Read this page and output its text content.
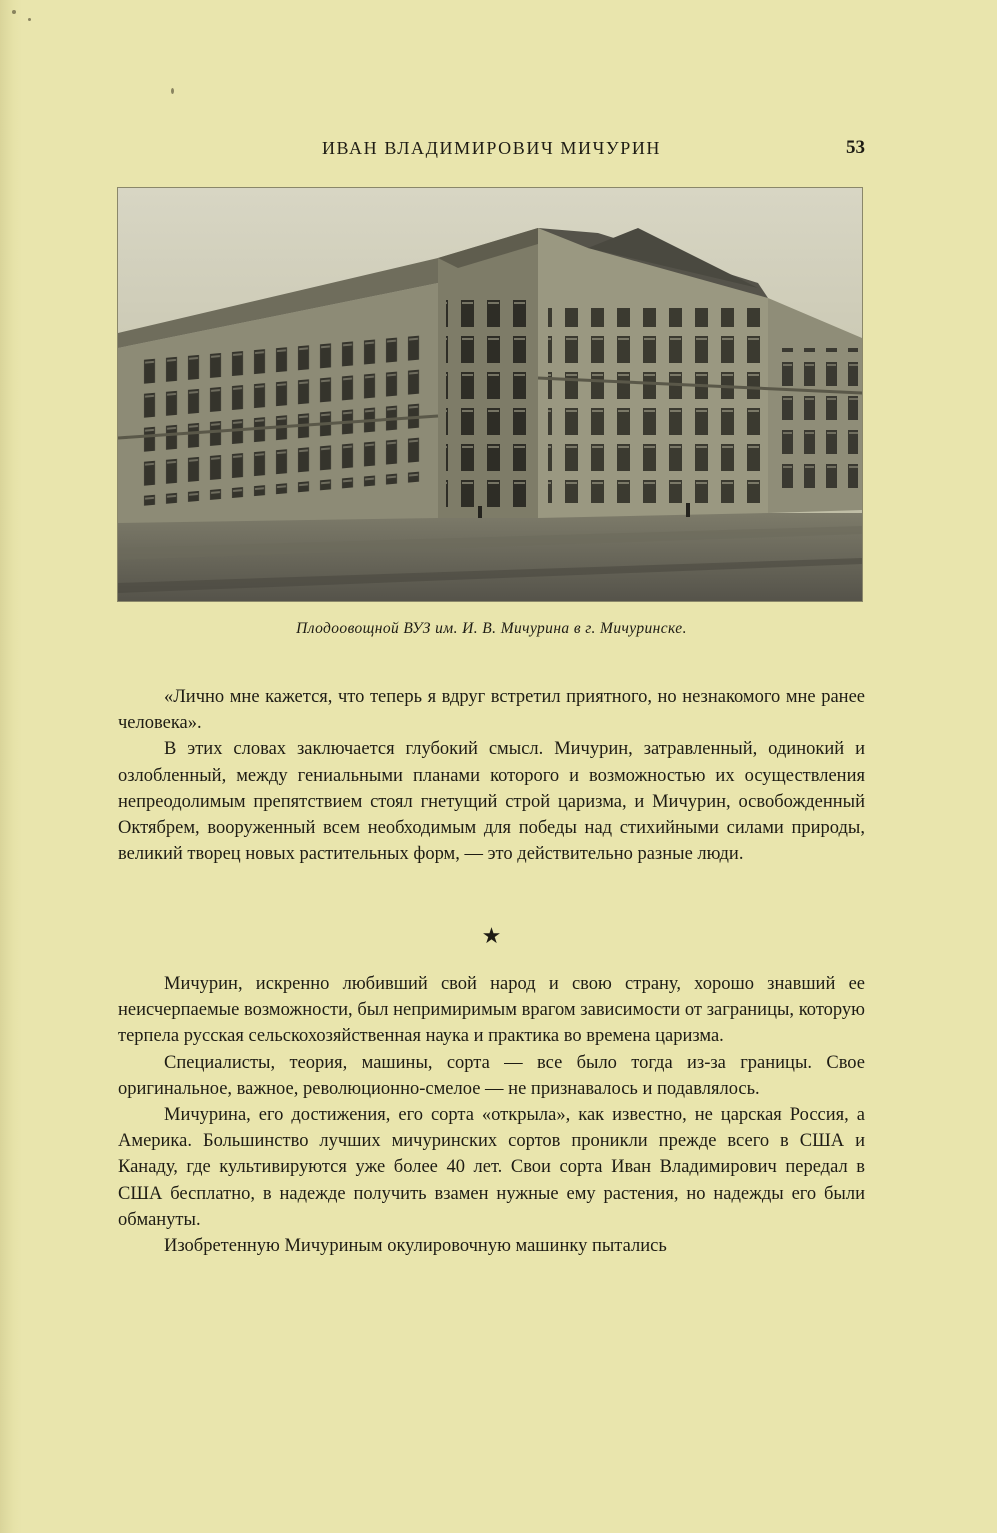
ИВАН ВЛАДИМИРОВИЧ МИЧУРИН	53
Плодоовощной ВУЗ им. И. В. Мичурина в г. Мичуринске.

«Лично мне кажется, что теперь я вдруг встретил приятного, но незнакомого мне ранее человека».

В этих словах заключается глубокий смысл. Мичурин, затравленный, одинокий и озлобленный, между гениальными планами которого и возможностью их осуществления непреодолимым препятствием стоял гнетущий строй царизма, и Мичурин, освобожденный Октябрем, вооруженный всем необходимым для победы над стихийными силами природы, великий творец новых растительных форм, — это действительно разные люди.

★

Мичурин, искренно любивший свой народ и свою страну, хорошо знавший ее неисчерпаемые возможности, был непримиримым врагом зависимости от заграницы, которую терпела русская сельскохозяйственная наука и практика во времена царизма.

Специалисты, теория, машины, сорта — все было тогда из-за границы. Свое оригинальное, важное, революционно-смелое — не признавалось и подавлялось.

Мичурина, его достижения, его сорта «открыла», как известно, не царская Россия, а Америка. Большинство лучших мичуринских сортов проникли прежде всего в США и Канаду, где культивируются уже более 40 лет. Свои сорта Иван Владимирович передал в США бесплатно, в надежде получить взамен нужные ему растения, но надежды его были обмануты.

Изобретенную Мичуриным окулировочную машинку пытались
